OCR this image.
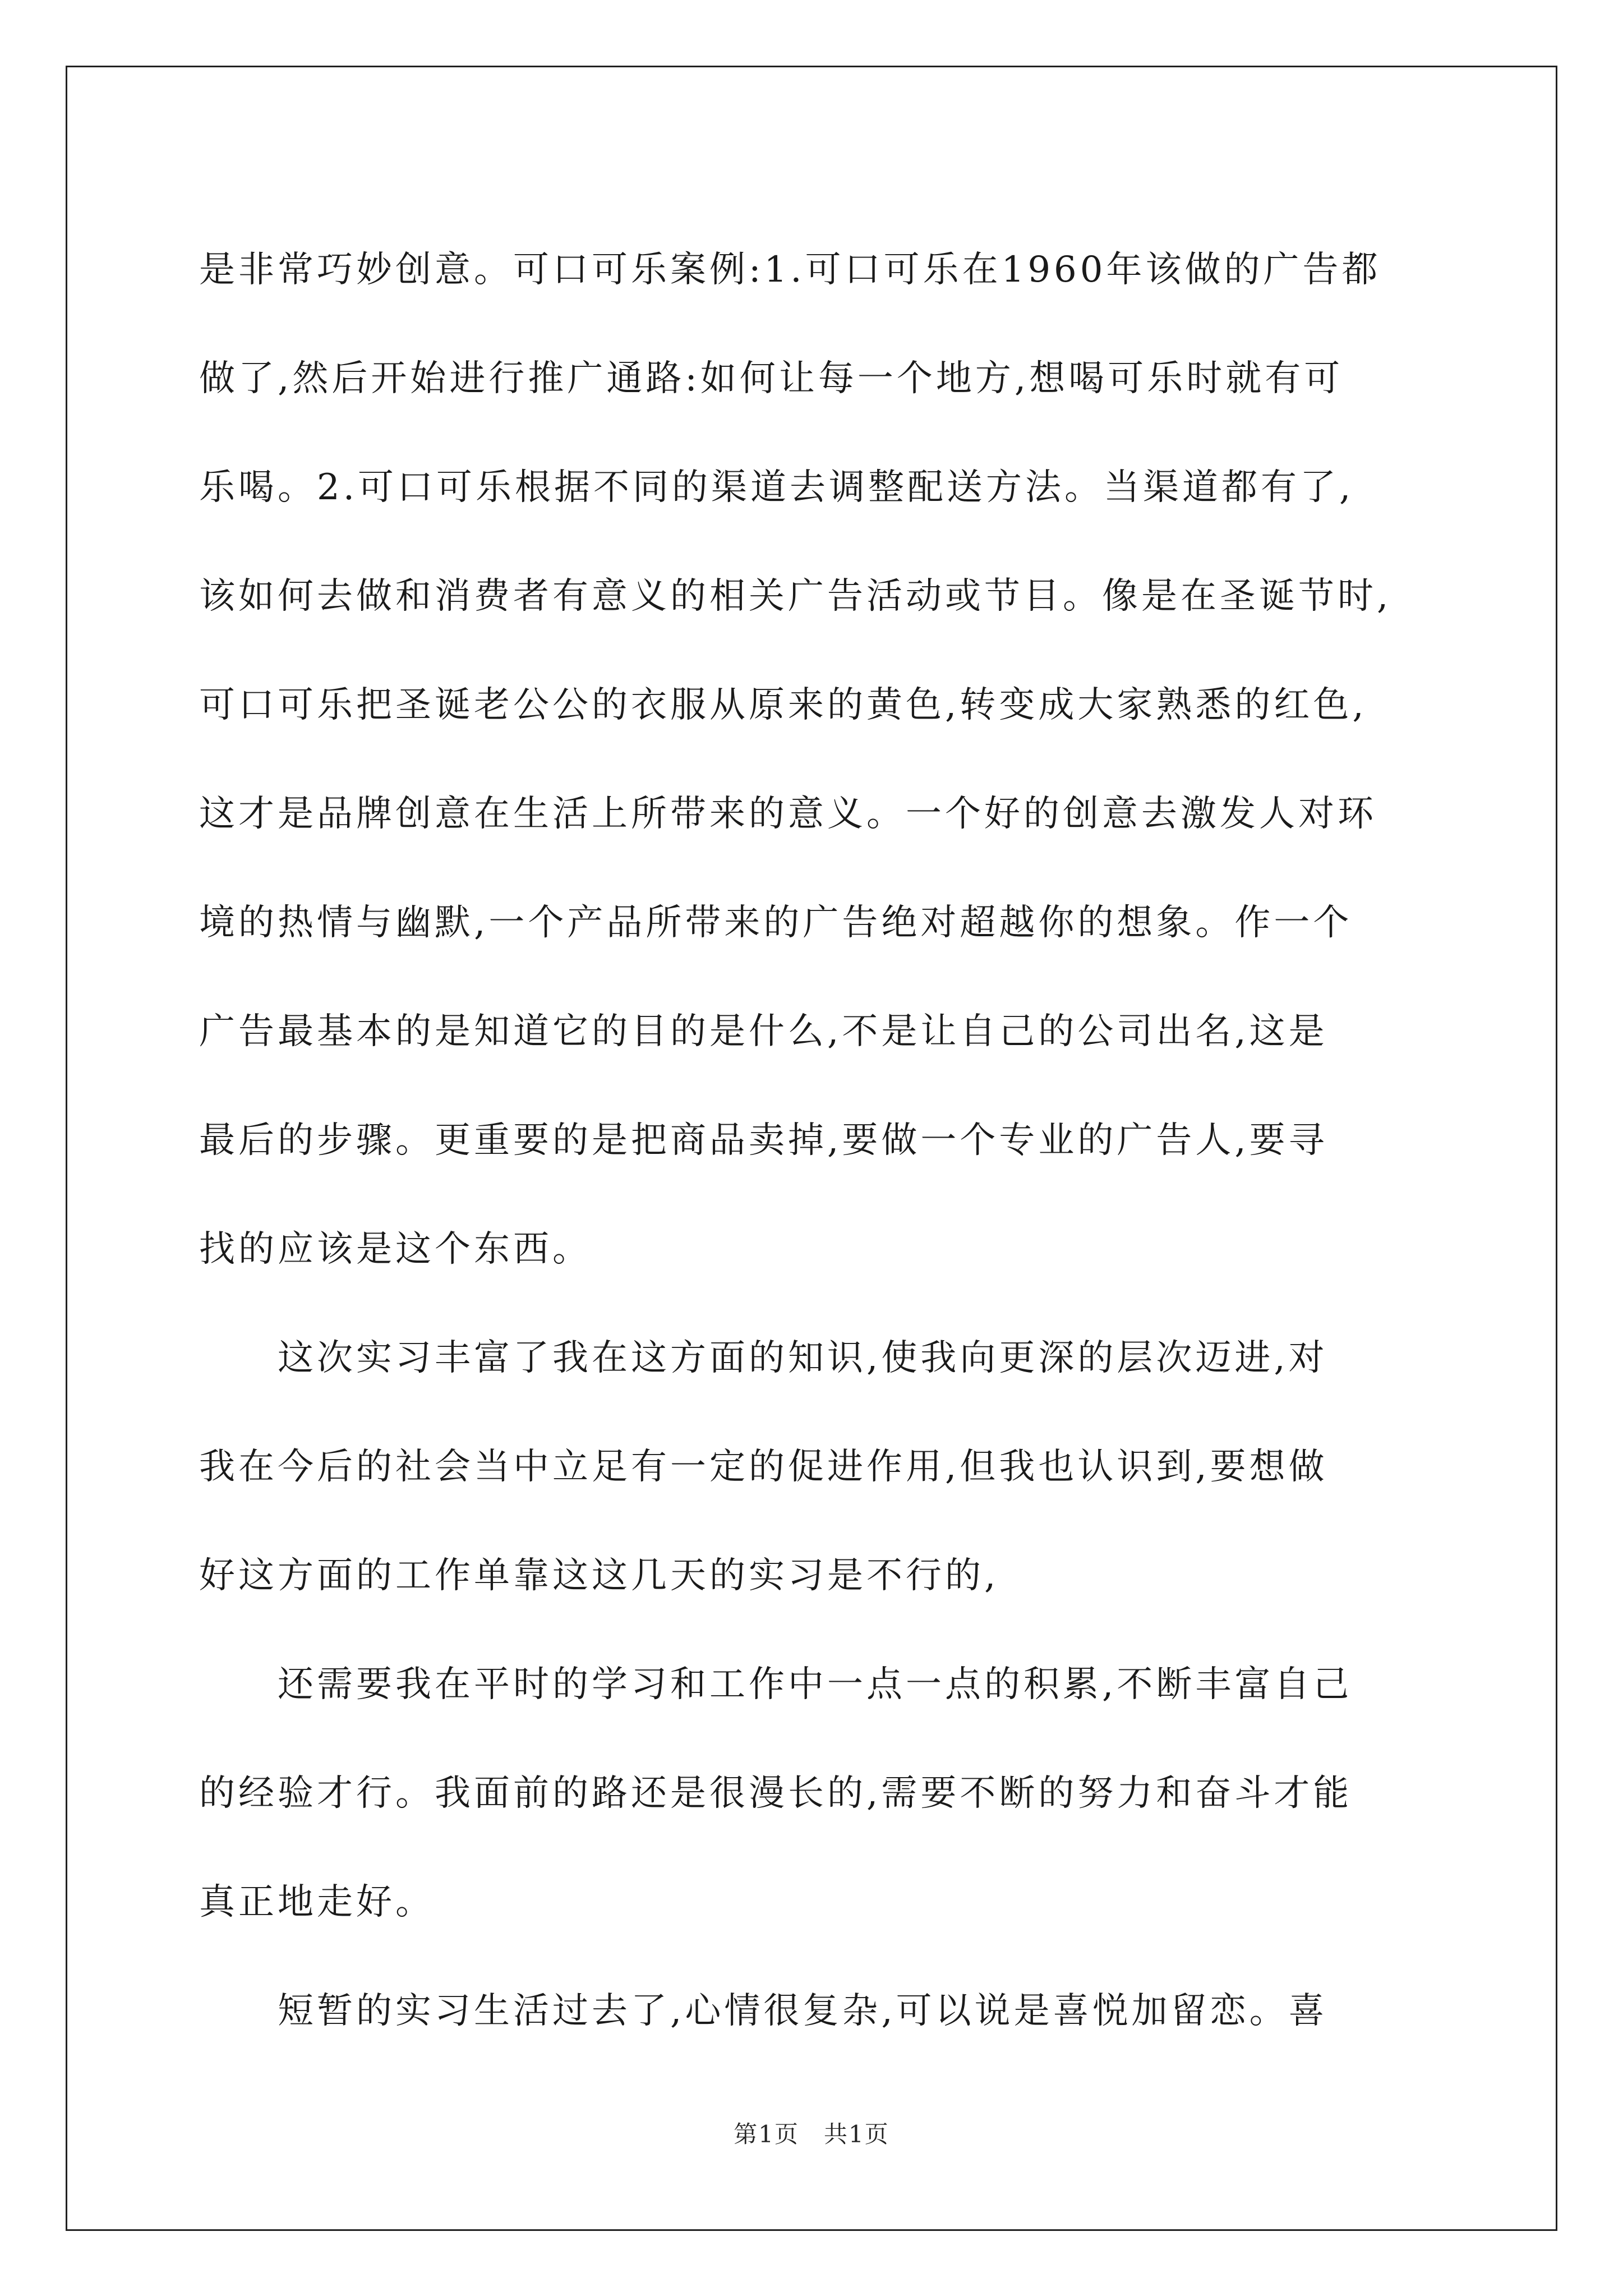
是非常巧妙创意。可口可乐案例:1.可口可乐在1960年该做的广告都
做了,然后开始进行推广通路:如何让每一个地方,想喝可乐时就有可
乐喝。2.可口可乐根据不同的渠道去调整配送方法。当渠道都有了,
该如何去做和消费者有意义的相关广告活动或节目。像是在圣诞节时,
可口可乐把圣诞老公公的衣服从原来的黄色,转变成大家熟悉的红色,
这才是品牌创意在生活上所带来的意义。一个好的创意去激发人对环
境的热情与幽默,一个产品所带来的广告绝对超越你的想象。作一个
广告最基本的是知道它的目的是什么,不是让自己的公司出名,这是
最后的步骤。更重要的是把商品卖掉,要做一个专业的广告人,要寻
找的应该是这个东西。
　　这次实习丰富了我在这方面的知识,使我向更深的层次迈进,对
我在今后的社会当中立足有一定的促进作用,但我也认识到,要想做
好这方面的工作单靠这这几天的实习是不行的,
　　还需要我在平时的学习和工作中一点一点的积累,不断丰富自己
的经验才行。我面前的路还是很漫长的,需要不断的努力和奋斗才能
真正地走好。
　　短暂的实习生活过去了,心情很复杂,可以说是喜悦加留恋。喜
第1页　共1页
